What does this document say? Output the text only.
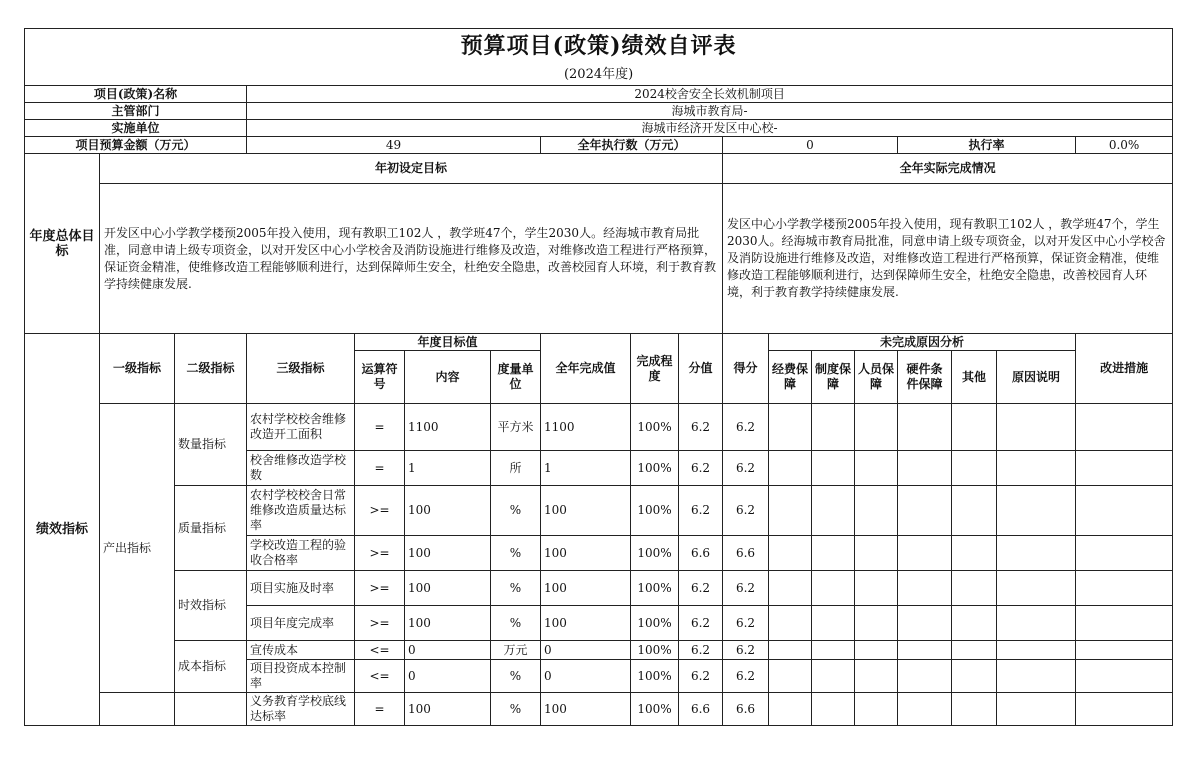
预算项目(政策)绩效自评表																	
(2024年度)																	
项目(政策)名称			2024校舍安全长效机制项目														
主管部门			海城市教育局-														
实施单位			海城市经济开发区中心校-														
项目预算金额（万元）			49				全年执行数（万元）			0				执行率			0.0%
年度总体目标	年初设定目标									全年实际完成情况							
	开发区中心小学教学楼预2005年投入使用，现有教职工102人 ，教学班47个，学生2030人。经海城市教育局批准，同意申请上级专项资金，以对开发区中心小学校舍及消防设施进行维修及改造，对维修改造工程进行严格预算，保证资金精准，使维修改造工程能够顺利进行，达到保障师生安全，杜绝安全隐患，改善校园育人环境，利于教育教学持续健康发展.									发区中心小学教学楼预2005年投入使用，现有教职工102人 ，教学班47个，学生2030人。经海城市教育局批准，同意申请上级专项资金，以对开发区中心小学校舍及消防设施进行维修及改造，对维修改造工程进行严格预算，保证资金精准，使维修改造工程能够顺利进行，达到保障师生安全，杜绝安全隐患，改善校园育人环境，利于教育教学持续健康发展.							
绩效指标	一级指标	二级指标	三级指标	年度目标值			全年完成值	完成程度	分值	得分	未完成原因分析						改进措施
				运算符号	内容	度量单位					经费保障	制度保障	人员保障	硬件条件保障	其他	原因说明	
	产出指标	数量指标	农村学校校舍维修改造开工面积	=	1100	平方米	1100	100%	6.2	6.2							
			校舍维修改造学校数	=	1	所	1	100%	6.2	6.2							
		质量指标	农村学校校舍日常维修改造质量达标率	>=	100	%	100	100%	6.2	6.2							
			学校改造工程的验收合格率	>=	100	%	100	100%	6.6	6.6							
		时效指标	项目实施及时率	>=	100	%	100	100%	6.2	6.2							
			项目年度完成率	>=	100	%	100	100%	6.2	6.2							
		成本指标	宣传成本	<=	0	万元	0	100%	6.2	6.2							
			项目投资成本控制率	<=	0	%	0	100%	6.2	6.2							
			义务教育学校底线达标率	=	100	%	100	100%	6.6	6.6							
